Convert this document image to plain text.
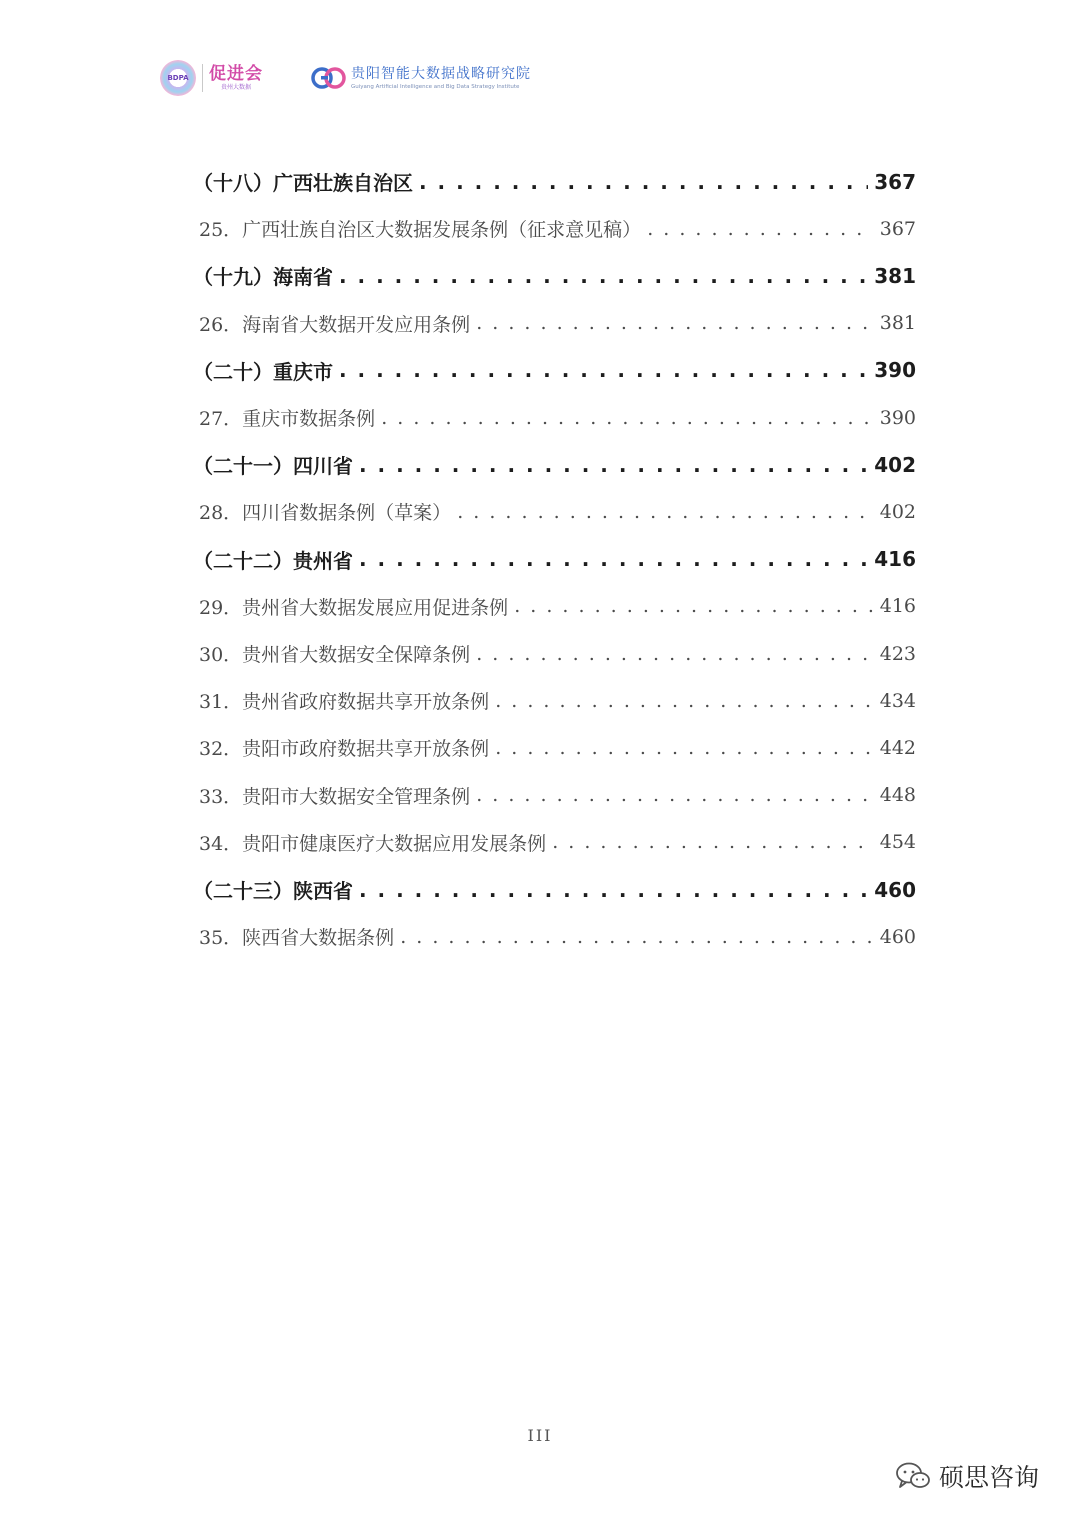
BDPA 促进会
贵州大数据
贵阳智能大数据战略研究院
Guiyang Artificial Intelligence and Big Data Strategy Institute
（十八）广西壮族自治区 . . .	367
25．广西壮族自治区大数据发展条例（征求意见稿） . . .	367
（十九）海南省 . . .	381
26．海南省大数据开发应用条例 . . .	381
（二十）重庆市 . . .	390
27．重庆市数据条例 . . .	390
（二十一）四川省 . . .	402
28．四川省数据条例（草案） . . .	402
（二十二）贵州省 . . .	416
29．贵州省大数据发展应用促进条例 . . .	416
30．贵州省大数据安全保障条例 . . .	423
31．贵州省政府数据共享开放条例 . . .	434
32．贵阳市政府数据共享开放条例 . . .	442
33．贵阳市大数据安全管理条例 . . .	448
34．贵阳市健康医疗大数据应用发展条例 . . .	454
（二十三）陕西省 . . .	460
35．陕西省大数据条例 . . .	460
III
硕思咨询
